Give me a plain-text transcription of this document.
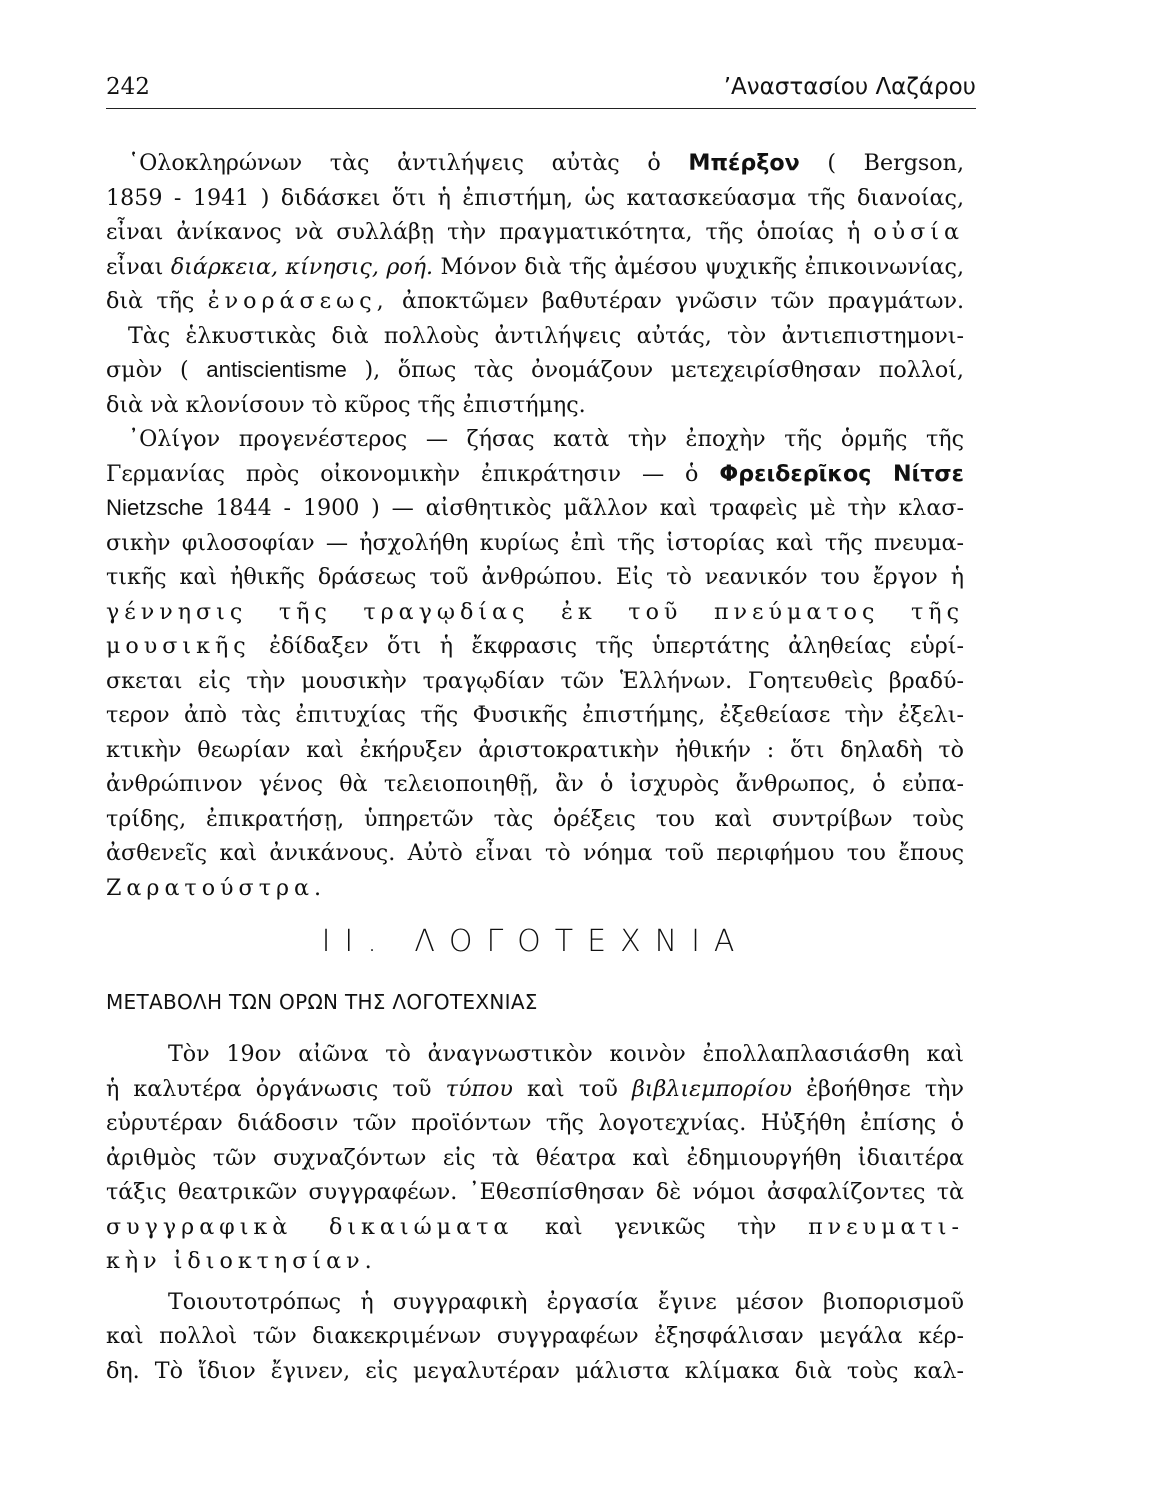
242	’Αναστασίου Λαζάρου
῾Ολοκληρώνων τὰς ἀντιλήψεις αὐτὰς ὁ Μπέρξον ( Bergson,
1859 - 1941 ) διδάσκει ὅτι ἡ ἐπιστήμη, ὡς κατασκεύασμα τῆς διανοίας,
εἶναι ἀνίκανος νὰ συλλάβῃ τὴν πραγματικότητα, τῆς ὁποίας ἡ οὐσία
εἶναι διάρκεια, κίνησις, ροή. Μόνον διὰ τῆς ἀμέσου ψυχικῆς ἐπικοινωνίας,
διὰ τῆς ἐνοράσεως, ἀποκτῶμεν βαθυτέραν γνῶσιν τῶν πραγμάτων.
Τὰς ἑλκυστικὰς διὰ πολλοὺς ἀντιλήψεις αὐτάς, τὸν ἀντιεπιστημονι-
σμὸν ( antiscientisme ), ὅπως τὰς ὀνομάζουν μετεχειρίσθησαν πολλοί,
διὰ νὰ κλονίσουν τὸ κῦρος τῆς ἐπιστήμης.
᾿Ολίγον προγενέστερος — ζήσας κατὰ τὴν ἐποχὴν τῆς ὁρμῆς τῆς
Γερμανίας πρὸς οἰκονομικὴν ἐπικράτησιν — ὁ Φρειδερῖκος Νίτσε
Nietzsche 1844 - 1900 ) — αἰσθητικὸς μᾶλλον καὶ τραφεὶς μὲ τὴν κλασ-
σικὴν φιλοσοφίαν — ἠσχολήθη κυρίως ἐπὶ τῆς ἱστορίας καὶ τῆς πνευμα-
τικῆς καὶ ἠθικῆς δράσεως τοῦ ἀνθρώπου. Εἰς τὸ νεανικόν του ἔργον ἡ
γέννησις τῆς τραγῳδίας ἐκ τοῦ πνεύματος τῆς
μουσικῆς ἐδίδαξεν ὅτι ἡ ἔκφρασις τῆς ὑπερτάτης ἀληθείας εὑρί-
σκεται εἰς τὴν μουσικὴν τραγῳδίαν τῶν Ἑλλήνων. Γοητευθεὶς βραδύ-
τερον ἀπὸ τὰς ἐπιτυχίας τῆς Φυσικῆς ἐπιστήμης, ἐξεθείασε τὴν ἐξελι-
κτικὴν θεωρίαν καὶ ἐκήρυξεν ἀριστοκρατικὴν ἠθικήν : ὅτι δηλαδὴ τὸ
ἀνθρώπινον γένος θὰ τελειοποιηθῇ, ἂν ὁ ἰσχυρὸς ἄνθρωπος, ὁ εὐπα-
τρίδης, ἐπικρατήσῃ, ὑπηρετῶν τὰς ὀρέξεις του καὶ συντρίβων τοὺς
ἀσθενεῖς καὶ ἀνικάνους. Αὐτὸ εἶναι τὸ νόημα τοῦ περιφήμου του ἔπους
Ζαρατούστρα.
ΙΙ. ΛΟΓΟΤΕΧΝΙΑ
ΜΕΤΑΒΟΛΗ ΤΩΝ ΟΡΩΝ ΤΗΣ ΛΟΓΟΤΕΧΝΙΑΣ
Τὸν 19ον αἰῶνα τὸ ἀναγνωστικὸν κοινὸν ἐπολλαπλασιάσθη καὶ
ἡ καλυτέρα ὀργάνωσις τοῦ τύπου καὶ τοῦ βιβλιεμπορίου ἐβοήθησε τὴν
εὐρυτέραν διάδοσιν τῶν προϊόντων τῆς λογοτεχνίας. Ηὐξήθη ἐπίσης ὁ
ἀριθμὸς τῶν συχναζόντων εἰς τὰ θέατρα καὶ ἐδημιουργήθη ἰδιαιτέρα
τάξις θεατρικῶν συγγραφέων. ᾿Εθεσπίσθησαν δὲ νόμοι ἀσφαλίζοντες τὰ
συγγραφικὰ δικαιώματα καὶ γενικῶς τὴν πνευματι-
κὴν ἰδιοκτησίαν.
Τοιουτοτρόπως ἡ συγγραφικὴ ἐργασία ἔγινε μέσον βιοπορισμοῦ
καὶ πολλοὶ τῶν διακεκριμένων συγγραφέων ἐξησφάλισαν μεγάλα κέρ-
δη. Τὸ ἴδιον ἔγινεν, εἰς μεγαλυτέραν μάλιστα κλίμακα διὰ τοὺς καλ-
